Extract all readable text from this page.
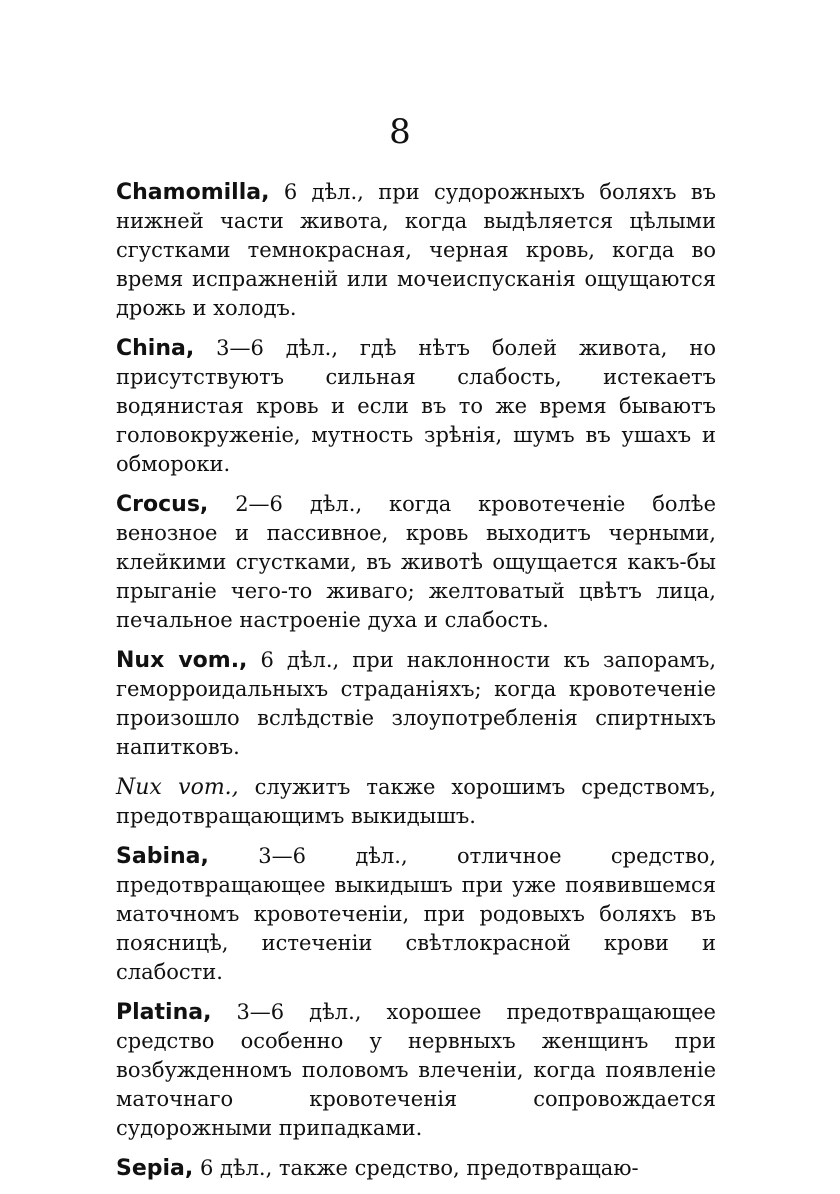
8

Chamomilla, 6 дѣл., при судорожныхъ боляхъ въ нижней части живота, когда выдѣляется цѣлыми сгустками темнокрасная, черная кровь, когда во время испражненій или мочеиспусканія ощущаются дрожь и холодъ.

China, 3—6 дѣл., гдѣ нѣтъ болей живота, но присутствуютъ сильная слабость, истекаетъ водянистая кровь и если въ то же время бываютъ головокруженіе, мутность зрѣнія, шумъ въ ушахъ и обмороки.

Crocus, 2—6 дѣл., когда кровотеченіе болѣе венозное и пассивное, кровь выходитъ черными, клейкими сгустками, въ животѣ ощущается какъ-бы прыганіе чего-то живаго; желтоватый цвѣтъ лица, печальное настроеніе духа и слабость.

Nux vom., 6 дѣл., при наклонности къ запорамъ, геморроидальныхъ страданіяхъ; когда кровотеченіе произошло вслѣдствіе злоупотребленія спиртныхъ напитковъ.

Nux vom., служитъ также хорошимъ средствомъ, предотвращающимъ выкидышъ.

Sabina, 3—6 дѣл., отличное средство, предотвращающее выкидышъ при уже появившемся маточномъ кровотеченіи, при родовыхъ боляхъ въ поясницѣ, истеченіи свѣтлокрасной крови и слабости.

Platina, 3—6 дѣл., хорошее предотвращающее средство особенно у нервныхъ женщинъ при возбужденномъ половомъ влеченіи, когда появленіе маточнаго кровотеченія сопровождается судорожными припадками.

Sepia, 6 дѣл., также средство, предотвращаю-
